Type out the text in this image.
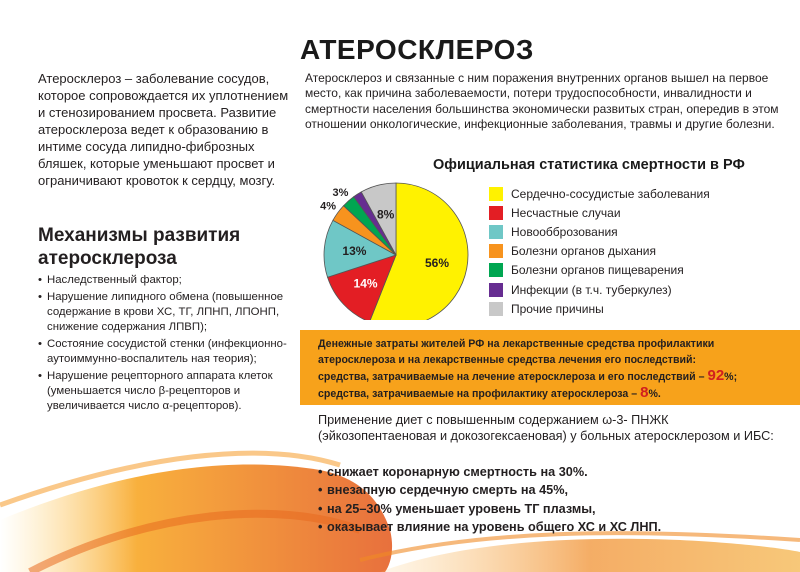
АТЕРОСКЛЕРОЗ
Атеросклероз – заболевание сосудов, которое сопровождается их уплотнением и стенозированием просвета. Развитие атеросклероза ведет к образованию в интиме сосуда липидно-фиброзных бляшек, которые уменьшают просвет и ограничивают кровоток к сердцу, мозгу.
Механизмы развития атеросклероза
• Наследственный фактор;
• Нарушение липидного обмена (повышенное содержание в крови ХС, ТГ, ЛПНП, ЛПОНП, снижение содержания ЛПВП);
• Состояние сосудистой стенки (инфекционно-аутоиммунно-воспалитель ная теория);
• Нарушение рецепторного аппарата клеток (уменьшается число β-рецепторов и увеличивается число α-рецепторов).
Атеросклероз и связанные с ним поражения внутренних органов вышел на первое место, как причина заболеваемости, потери трудоспособности, инвалидности и смертности населения большинства экономически развитых стран, опередив в этом отношении онкологические, инфекционные заболевания, травмы и другие болезни.
Официальная статистика смертности в РФ
56%
14%
13%
4%
3%
8%
Сердечно-сосудистые заболевания
Несчастные случаи
Новообброзования
Болезни органов дыхания
Болезни органов пищеварения
Инфекции (в т.ч. туберкулез)
Прочие причины
Денежные затраты жителей РФ на лекарственные средства профилактики
атеросклероза и на лекарственные средства лечения его последствий:
средства, затрачиваемые на лечение атеросклероза и его последствий – 92%;
средства, затрачиваемые на профилактику атеросклероза – 8%.
Применение диет с повышенным содержанием ω-3- ПНЖК (эйкозопентаеновая и докозогексаеновая) у больных атеросклерозом и ИБС:
• снижает коронарную смертность на 30%.
• внезапную сердечную смерть на 45%,
• на 25–30% уменьшает уровень ТГ плазмы,
• оказывает влияние на уровень общего ХС и ХС ЛНП.
